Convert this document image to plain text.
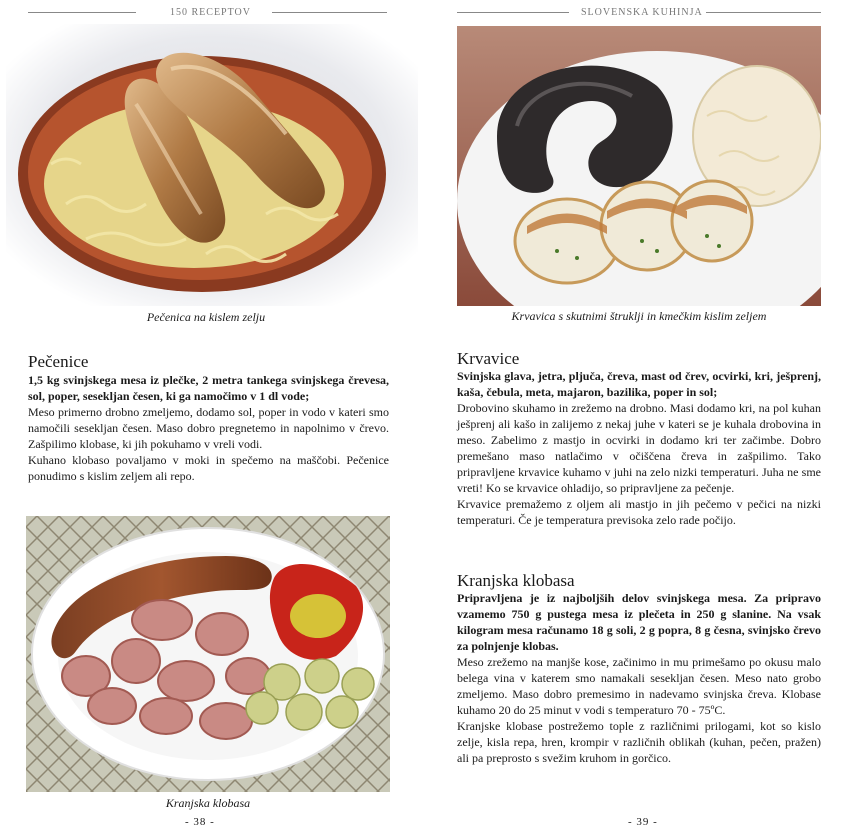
150 RECEPTOV
Pečenica na kislem zelju
Pečenice

1,5 kg svinjskega mesa iz plečke, 2 metra tankega svinjskega črevesa, sol, poper, sesekljan česen, ki ga namočimo v 1 dl vode;

Meso primerno drobno zmeljemo, dodamo sol, poper in vodo v kateri smo namočili sesekljan česen. Maso dobro pregnetemo in napolnimo v črevo. Zašpilimo klobase, ki jih pokuhamo v vreli vodi.

Kuhano klobaso povaljamo v moki in spečemo na maščobi. Pečenice ponudimo s kislim zeljem ali repo.

Kranjska klobasa
- 38 -
SLOVENSKA KUHINJA
Krvavica s skutnimi štruklji in kmečkim kislim zeljem
Krvavice

Svinjska glava, jetra, pljuča, čreva, mast od črev, ocvirki, kri, ješprenj, kaša, čebula, meta, majaron, bazilika, poper in sol;

Drobovino skuhamo in zrežemo na drobno. Masi dodamo kri, na pol kuhan ješprenj ali kašo in zalijemo z nekaj juhe v kateri se je kuhala drobovina in meso. Zabelimo z mastjo in ocvirki in dodamo kri ter začimbe. Dobro premešano maso natlačimo v očiščena čreva in zašpilimo. Tako pripravljene krvavice kuhamo v juhi na zelo nizki temperaturi. Juha ne sme vreti! Ko se krvavice ohladijo, so pripravljene za pečenje.

Krvavice premažemo z oljem ali mastjo in jih pečemo v pečici na nizki temperaturi. Če je temperatura previsoka zelo rade počijo.

Kranjska klobasa

Pripravljena je iz najboljših delov svinjskega mesa. Za pripravo vzamemo 750 g pustega mesa iz plečeta in 250 g slanine. Na vsak kilogram mesa računamo 18 g soli, 2 g popra, 8 g česna, svinjsko črevo za polnjenje klobas.

Meso zrežemo na manjše kose, začinimo in mu primešamo po okusu malo belega vina v katerem smo namakali sesekljan česen. Meso nato grobo zmeljemo. Maso dobro premesimo in nadevamo svinjska čreva. Klobase kuhamo 20 do 25 minut v vodi s temperaturo 70 - 75ºC.

Kranjske klobase postrežemo tople z različnimi prilogami, kot so kislo zelje, kisla repa, hren, krompir v različnih oblikah (kuhan, pečen, pražen) ali pa preprosto s svežim kruhom in gorčico.

- 39 -
